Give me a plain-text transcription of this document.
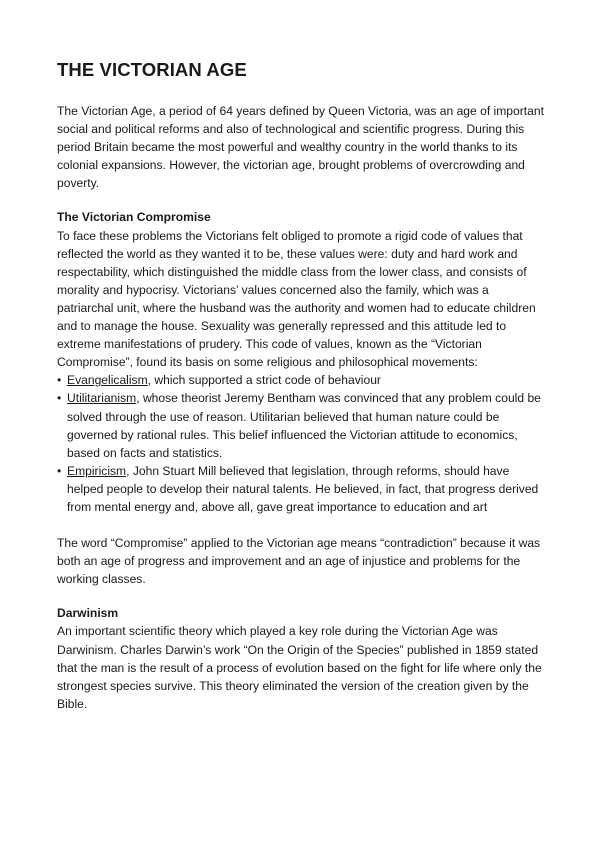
THE VICTORIAN AGE

The Victorian Age, a period of 64 years defined by Queen Victoria, was an age of important social and political reforms and also of technological and scientific progress. During this period Britain became the most powerful and wealthy country in the world thanks to its colonial expansions. However, the victorian age, brought problems of overcrowding and poverty.

The Victorian Compromise

To face these problems the Victorians felt obliged to promote a rigid code of values that reflected the world as they wanted it to be, these values were: duty and hard work and respectability, which distinguished the middle class from the lower class, and consists of morality and hypocrisy. Victorians’ values concerned also the family, which was a patriarchal unit, where the husband was the authority and women had to educate children and to manage the house. Sexuality was generally repressed and this attitude led to extreme manifestations of prudery. This code of values, known as the “Victorian Compromise”, found its basis on some religious and philosophical movements:

• Evangelicalism, which supported a strict code of behaviour
• Utilitarianism, whose theorist Jeremy Bentham was convinced that any problem could be solved through the use of reason. Utilitarian believed that human nature could be governed by rational rules. This belief influenced the Victorian attitude to economics, based on facts and statistics.
• Empiricism, John Stuart Mill believed that legislation, through reforms, should have helped people to develop their natural talents. He believed, in fact, that progress derived from mental energy and, above all, gave great importance to education and art

The word “Compromise” applied to the Victorian age means “contradiction” because it was both an age of progress and improvement and an age of injustice and problems for the working classes.

Darwinism

An important scientific theory which played a key role during the Victorian Age was Darwinism. Charles Darwin’s work “On the Origin of the Species” published in 1859 stated that the man is the result of a process of evolution based on the fight for life where only the strongest species survive. This theory eliminated the version of the creation given by the Bible.
